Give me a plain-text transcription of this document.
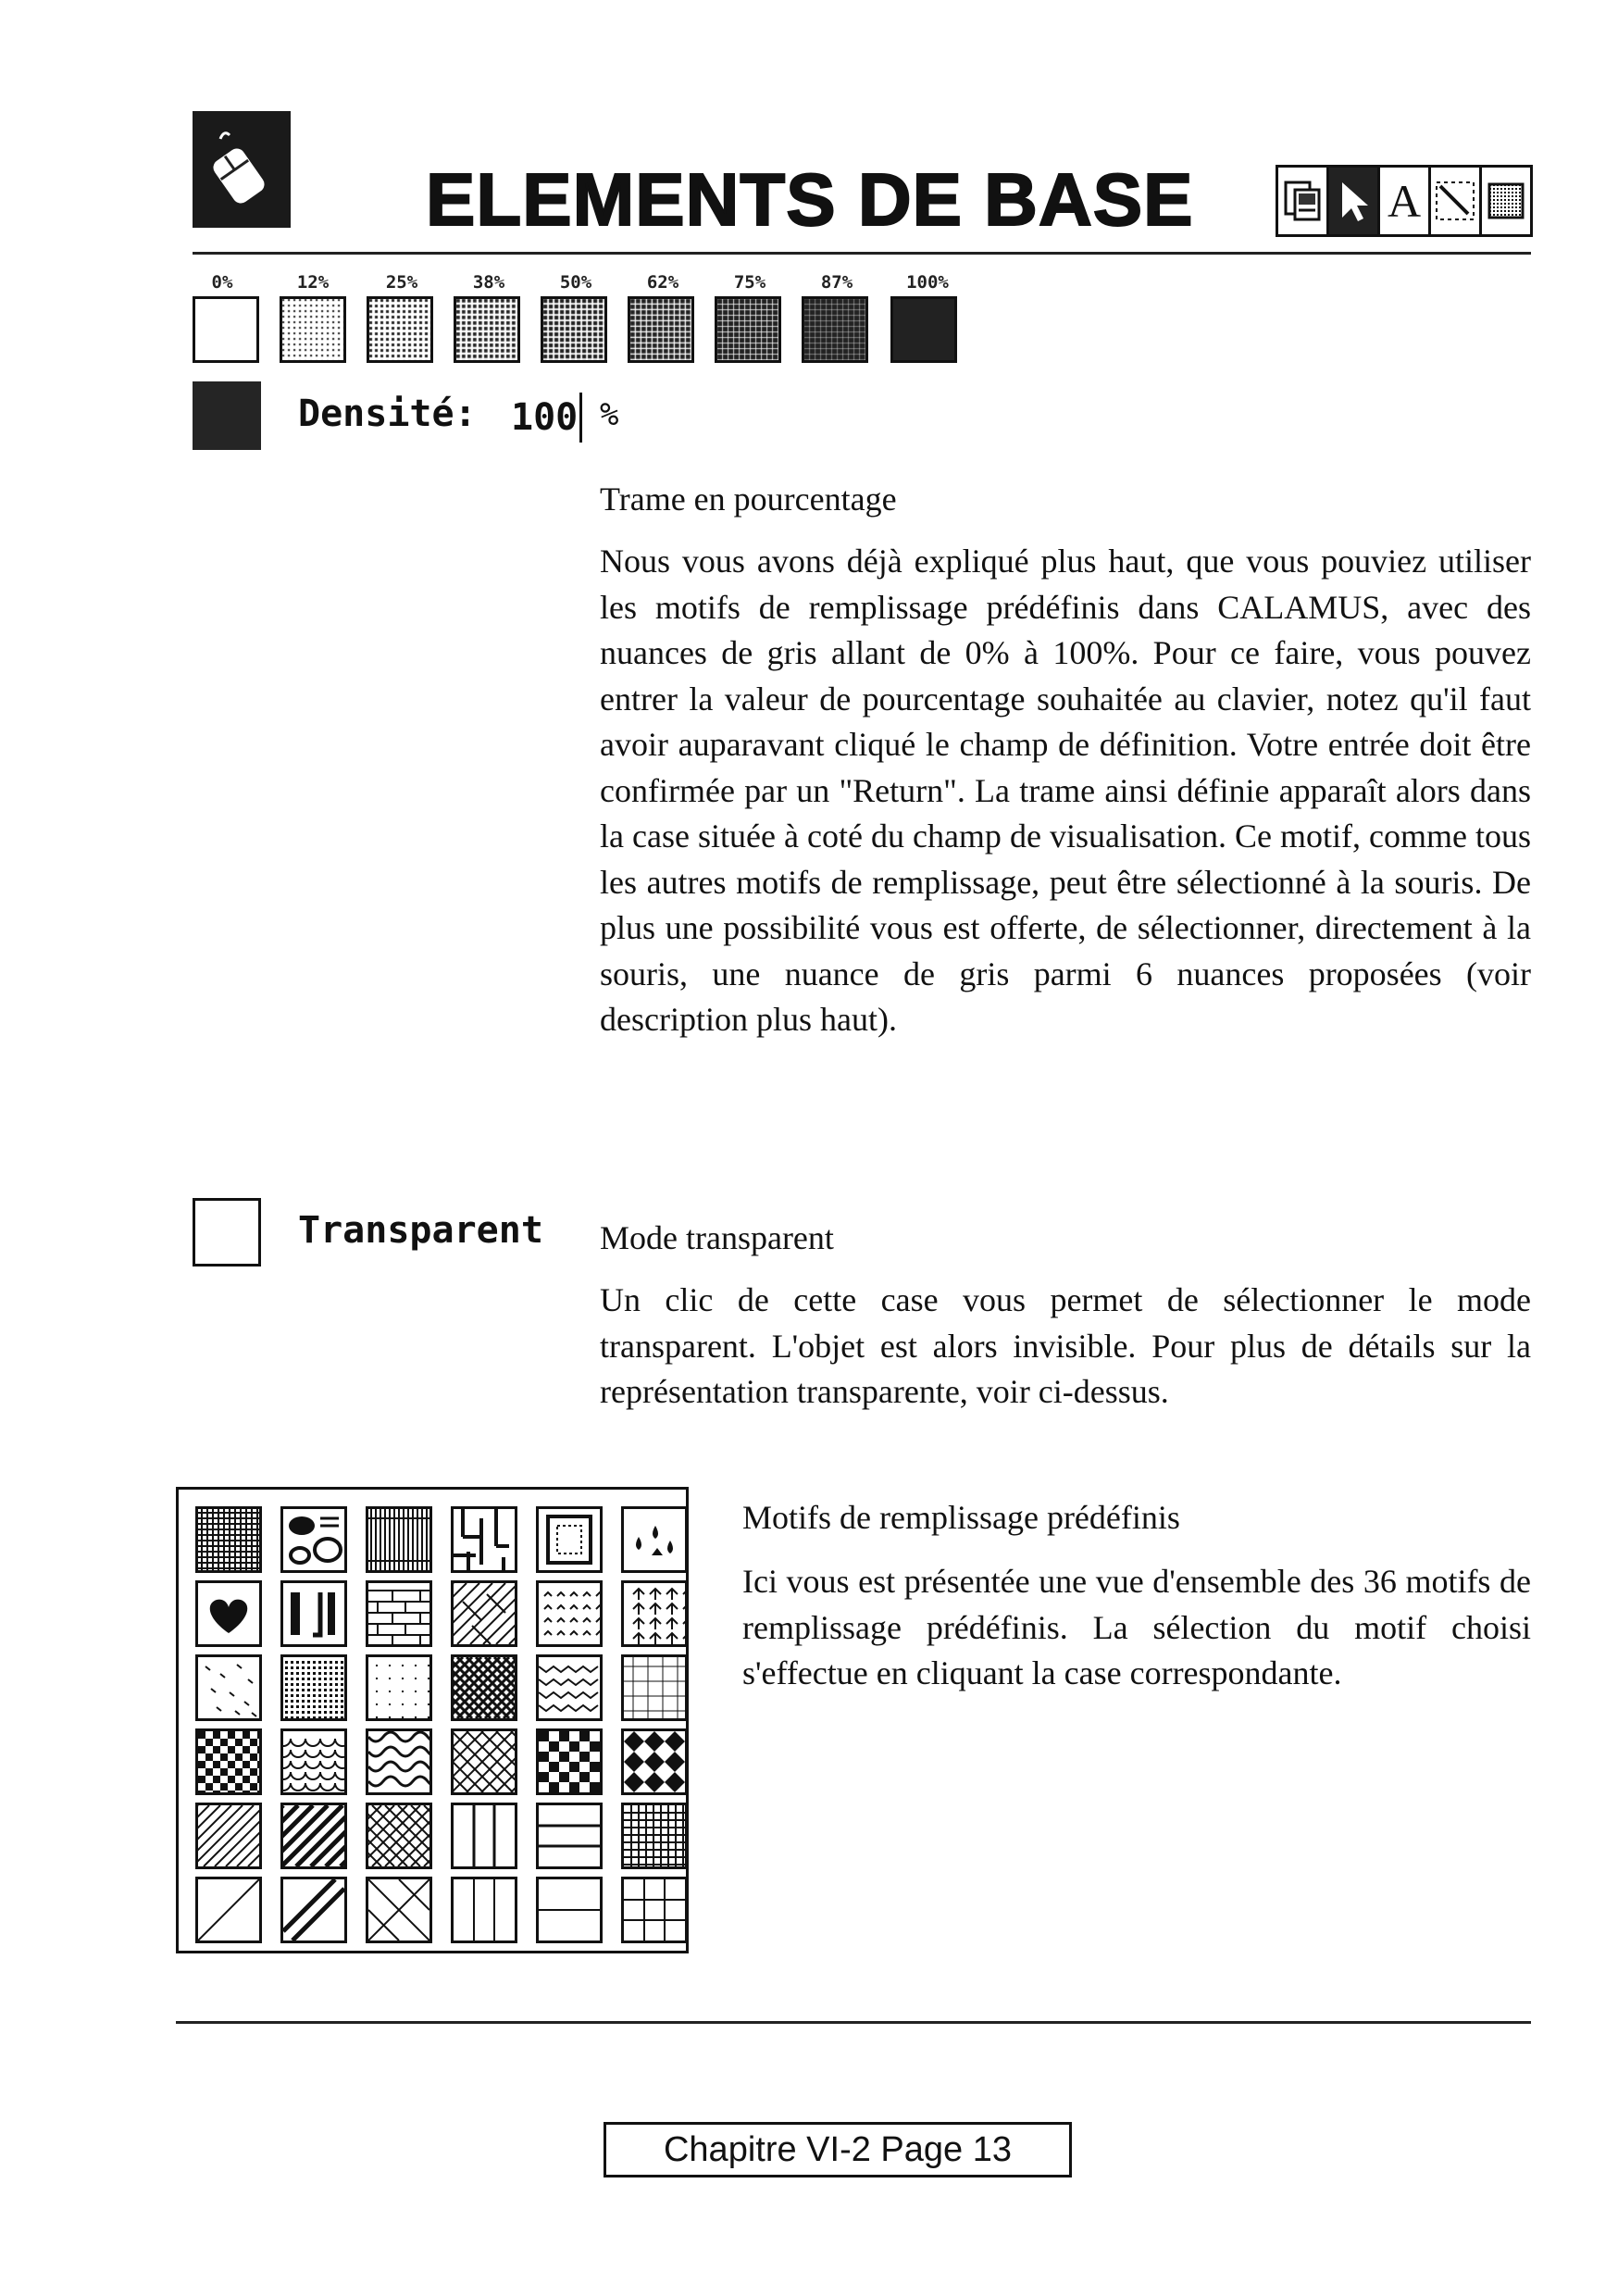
ELEMENTS DE BASE	A
0%	12%	25%	38%	50%	62%	75%	87%	100%
Densité: 100 %
Trame en pourcentage
Nous vous avons déjà expliqué plus haut, que vous pouviez utiliser les motifs de remplissage prédéfinis dans CALAMUS, avec des nuances de gris allant de 0% à 100%. Pour ce faire, vous pouvez entrer la valeur de pourcentage souhaitée au clavier, notez qu'il faut avoir auparavant cliqué le champ de définition. Votre entrée doit être confirmée par un "Return". La trame ainsi définie apparaît alors dans la case située à coté du champ de visualisation. Ce motif, comme tous les autres motifs de remplissage, peut être sélectionné à la souris. De plus une possibilité vous est offerte, de sélectionner, directement à la souris, une nuance de gris parmi 6 nuances proposées (voir description plus haut).
Transparent Mode transparent
Un clic de cette case vous permet de sélectionner le mode transparent. L'objet est alors invisible. Pour plus de détails sur la représentation transparente, voir ci-dessus.
Motifs de remplissage prédéfinis
Ici vous est présentée une vue d'ensemble des 36 motifs de remplissage prédéfinis. La sélection du motif choisi s'effectue en cliquant la case correspondante.
Chapitre VI-2 Page 13
